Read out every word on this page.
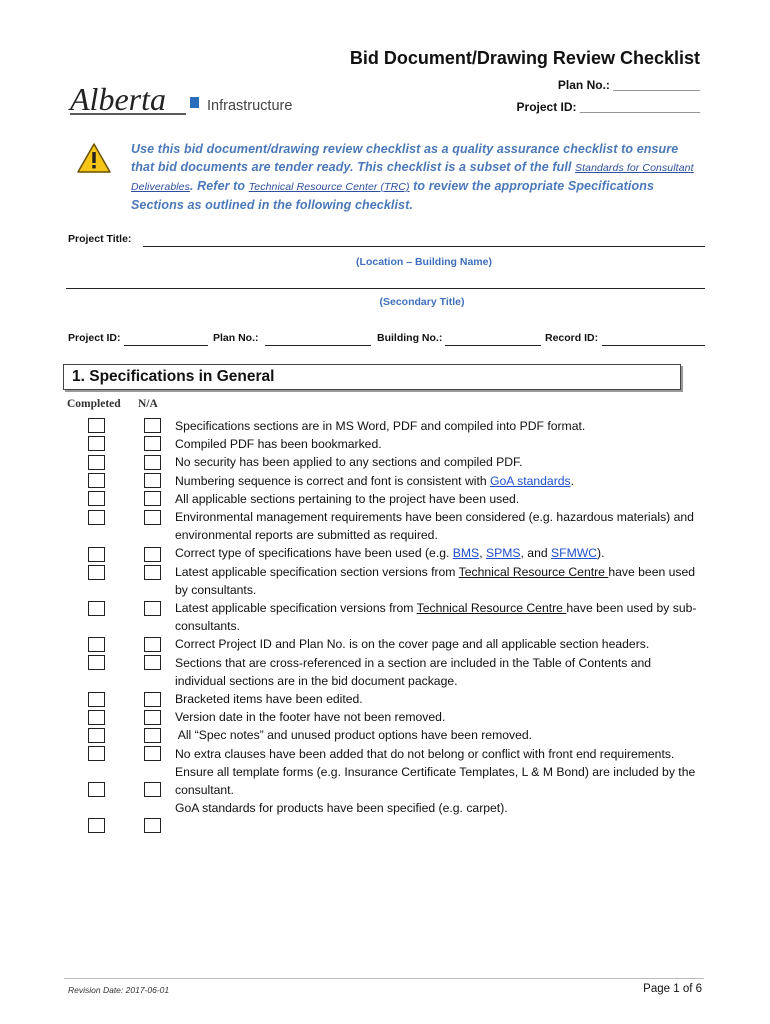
Bid Document/Drawing Review Checklist
Plan No.: _____________
Project ID: __________________
Alberta	Infrastructure
Use this bid document/drawing review checklist as a quality assurance checklist to ensure that bid documents are tender ready. This checklist is a subset of the full Standards for Consultant Deliverables. Refer to Technical Resource Center (TRC) to review the appropriate Specifications Sections as outlined in the following checklist.
Project Title:
(Location – Building Name)
(Secondary Title)
Project ID:	Plan No.:	Building No.:	Record ID:
1. Specifications in General
Completed N/A

Specifications sections are in MS Word, PDF and compiled into PDF format.

Compiled PDF has been bookmarked.

No security has been applied to any sections and compiled PDF.

Numbering sequence is correct and font is consistent with GoA standards.

All applicable sections pertaining to the project have been used.

Environmental management requirements have been considered (e.g. hazardous materials) and environmental reports are submitted as required.

Correct type of specifications have been used (e.g. BMS, SPMS, and SFMWC).

Latest applicable specification section versions from Technical Resource Centre have been used by consultants.

Latest applicable specification versions from Technical Resource Centre have been used by sub-consultants.

Correct Project ID and Plan No. is on the cover page and all applicable section headers.

Sections that are cross-referenced in a section are included in the Table of Contents and individual sections are in the bid document package.

Bracketed items have been edited.

Version date in the footer have not been removed.

All “Spec notes” and unused product options have been removed.

No extra clauses have been added that do not belong or conflict with front end requirements.

Ensure all template forms (e.g. Insurance Certificate Templates, L & M Bond) are included by the consultant.

GoA standards for products have been specified (e.g. carpet).

Revision Date: 2017-06-01	Page 1 of 6
